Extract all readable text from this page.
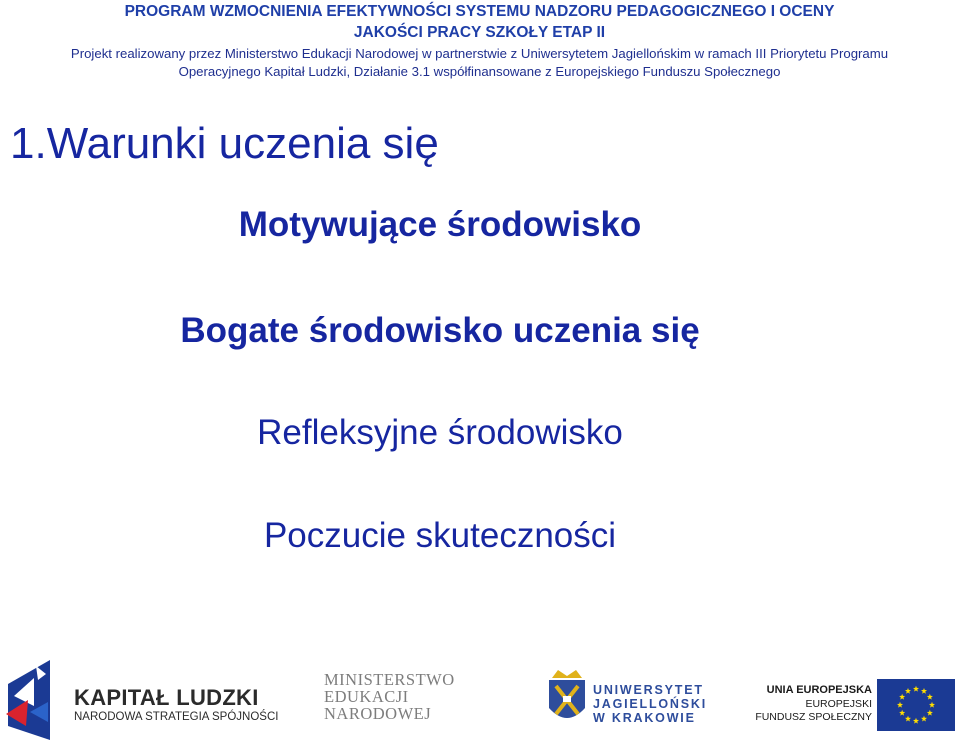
PROGRAM WZMOCNIENIA EFEKTYWNOŚCI SYSTEMU NADZORU PEDAGOGICZNEGO I OCENY
JAKOŚCI PRACY SZKOŁY ETAP II
Projekt realizowany przez Ministerstwo Edukacji Narodowej w partnerstwie z Uniwersytetem Jagiellońskim w ramach III Priorytetu Programu
Operacyjnego Kapitał Ludzki, Działanie 3.1 współfinansowane z Europejskiego Funduszu Społecznego
1.Warunki uczenia się

Motywujące środowisko

Bogate środowisko uczenia się

Refleksyjne środowisko

Poczucie skuteczności

KAPITAŁ LUDZKI
NARODOWA STRATEGIA SPÓJNOŚCI
MINISTERSTWO
EDUKACJI
NARODOWEJ
UNIWERSYTET
JAGIELLOŃSKI
W KRAKOWIE
UNIA EUROPEJSKA
EUROPEJSKI
FUNDUSZ SPOŁECZNY
